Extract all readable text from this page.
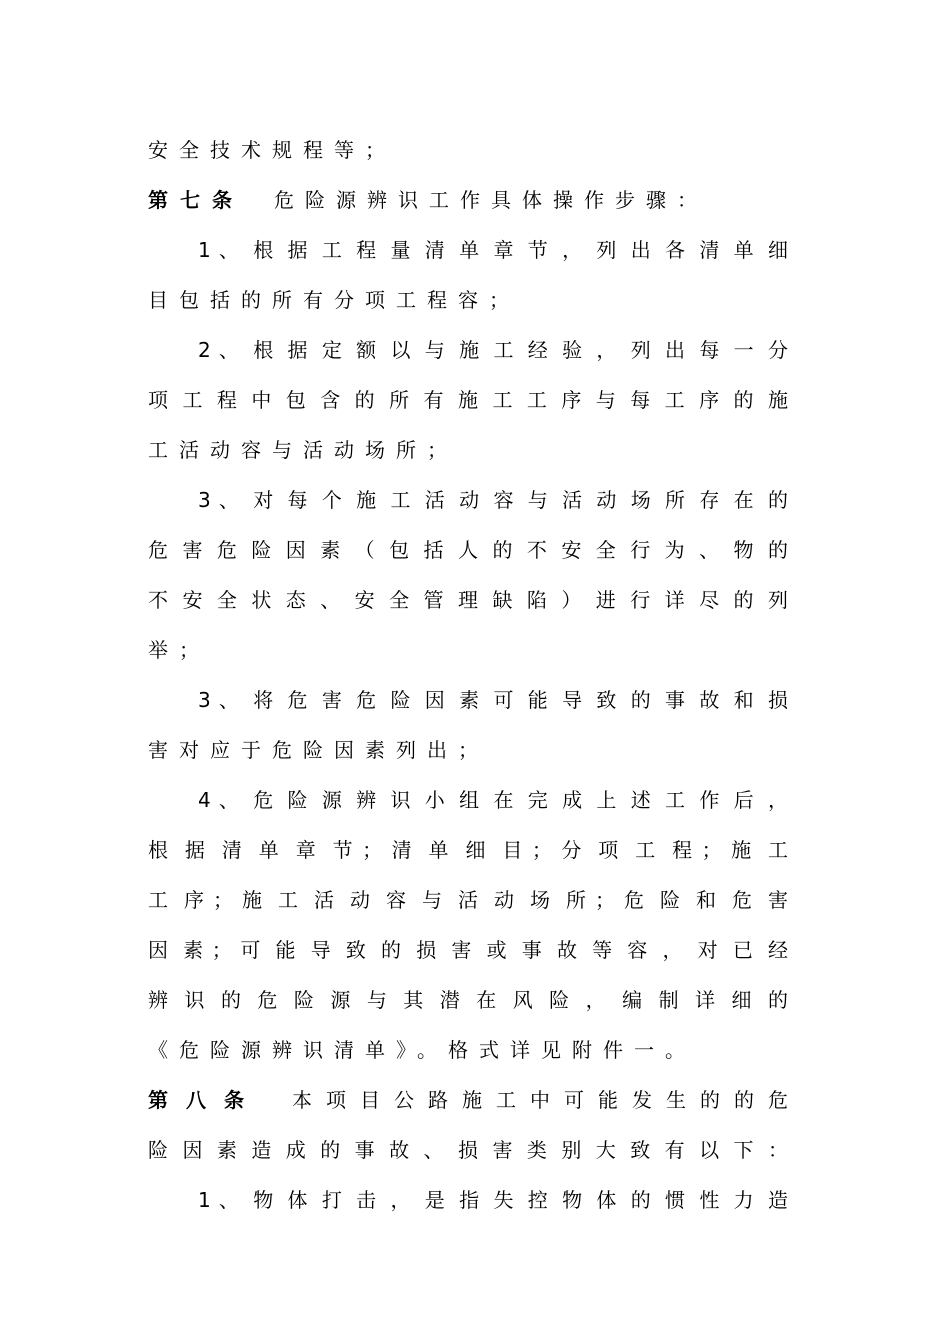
安全技术规程等；
第七条 危险源辨识工作具体操作步骤：
1 、 根 据 工 程 量 清 单 章 节 ， 列 出 各 清 单 细
目包括的所有分项工程容；
2 、 根 据 定 额 以 与 施 工 经 验 ， 列 出 每 一 分
项 工 程 中 包 含 的 所 有 施 工 工 序 与 每 工 序 的 施
工活动容与活动场所；
3 、 对 每 个 施 工 活 动 容 与 活 动 场 所 存 在 的
危 害 危 险 因 素 （ 包 括 人 的 不 安 全 行 为 、 物 的
不 安 全 状 态 、 安 全 管 理 缺 陷 ） 进 行 详 尽 的 列
举；
3 、 将 危 害 危 险 因 素 可 能 导 致 的 事 故 和 损
害对应于危险因素列出；
4 、 危 险 源 辨 识 小 组 在 完 成 上 述 工 作 后 ，
根 据 清 单 章 节 ； 清 单 细 目 ； 分 项 工 程 ； 施 工
工 序 ； 施 工 活 动 容 与 活 动 场 所 ； 危 险 和 危 害
因 素 ； 可 能 导 致 的 损 害 或 事 故 等 容 ， 对 已 经
辨 识 的 危 险 源 与 其 潜 在 风 险 ， 编 制 详 细 的
《危险源辨识清单》。格式详见附件一。
第八条 本 项 目 公 路 施 工 中 可 能 发 生 的 的 危
险 因 素 造 成 的 事 故 、 损 害 类 别 大 致 有 以 下 ：
1 、 物 体 打 击 ， 是 指 失 控 物 体 的 惯 性 力 造
